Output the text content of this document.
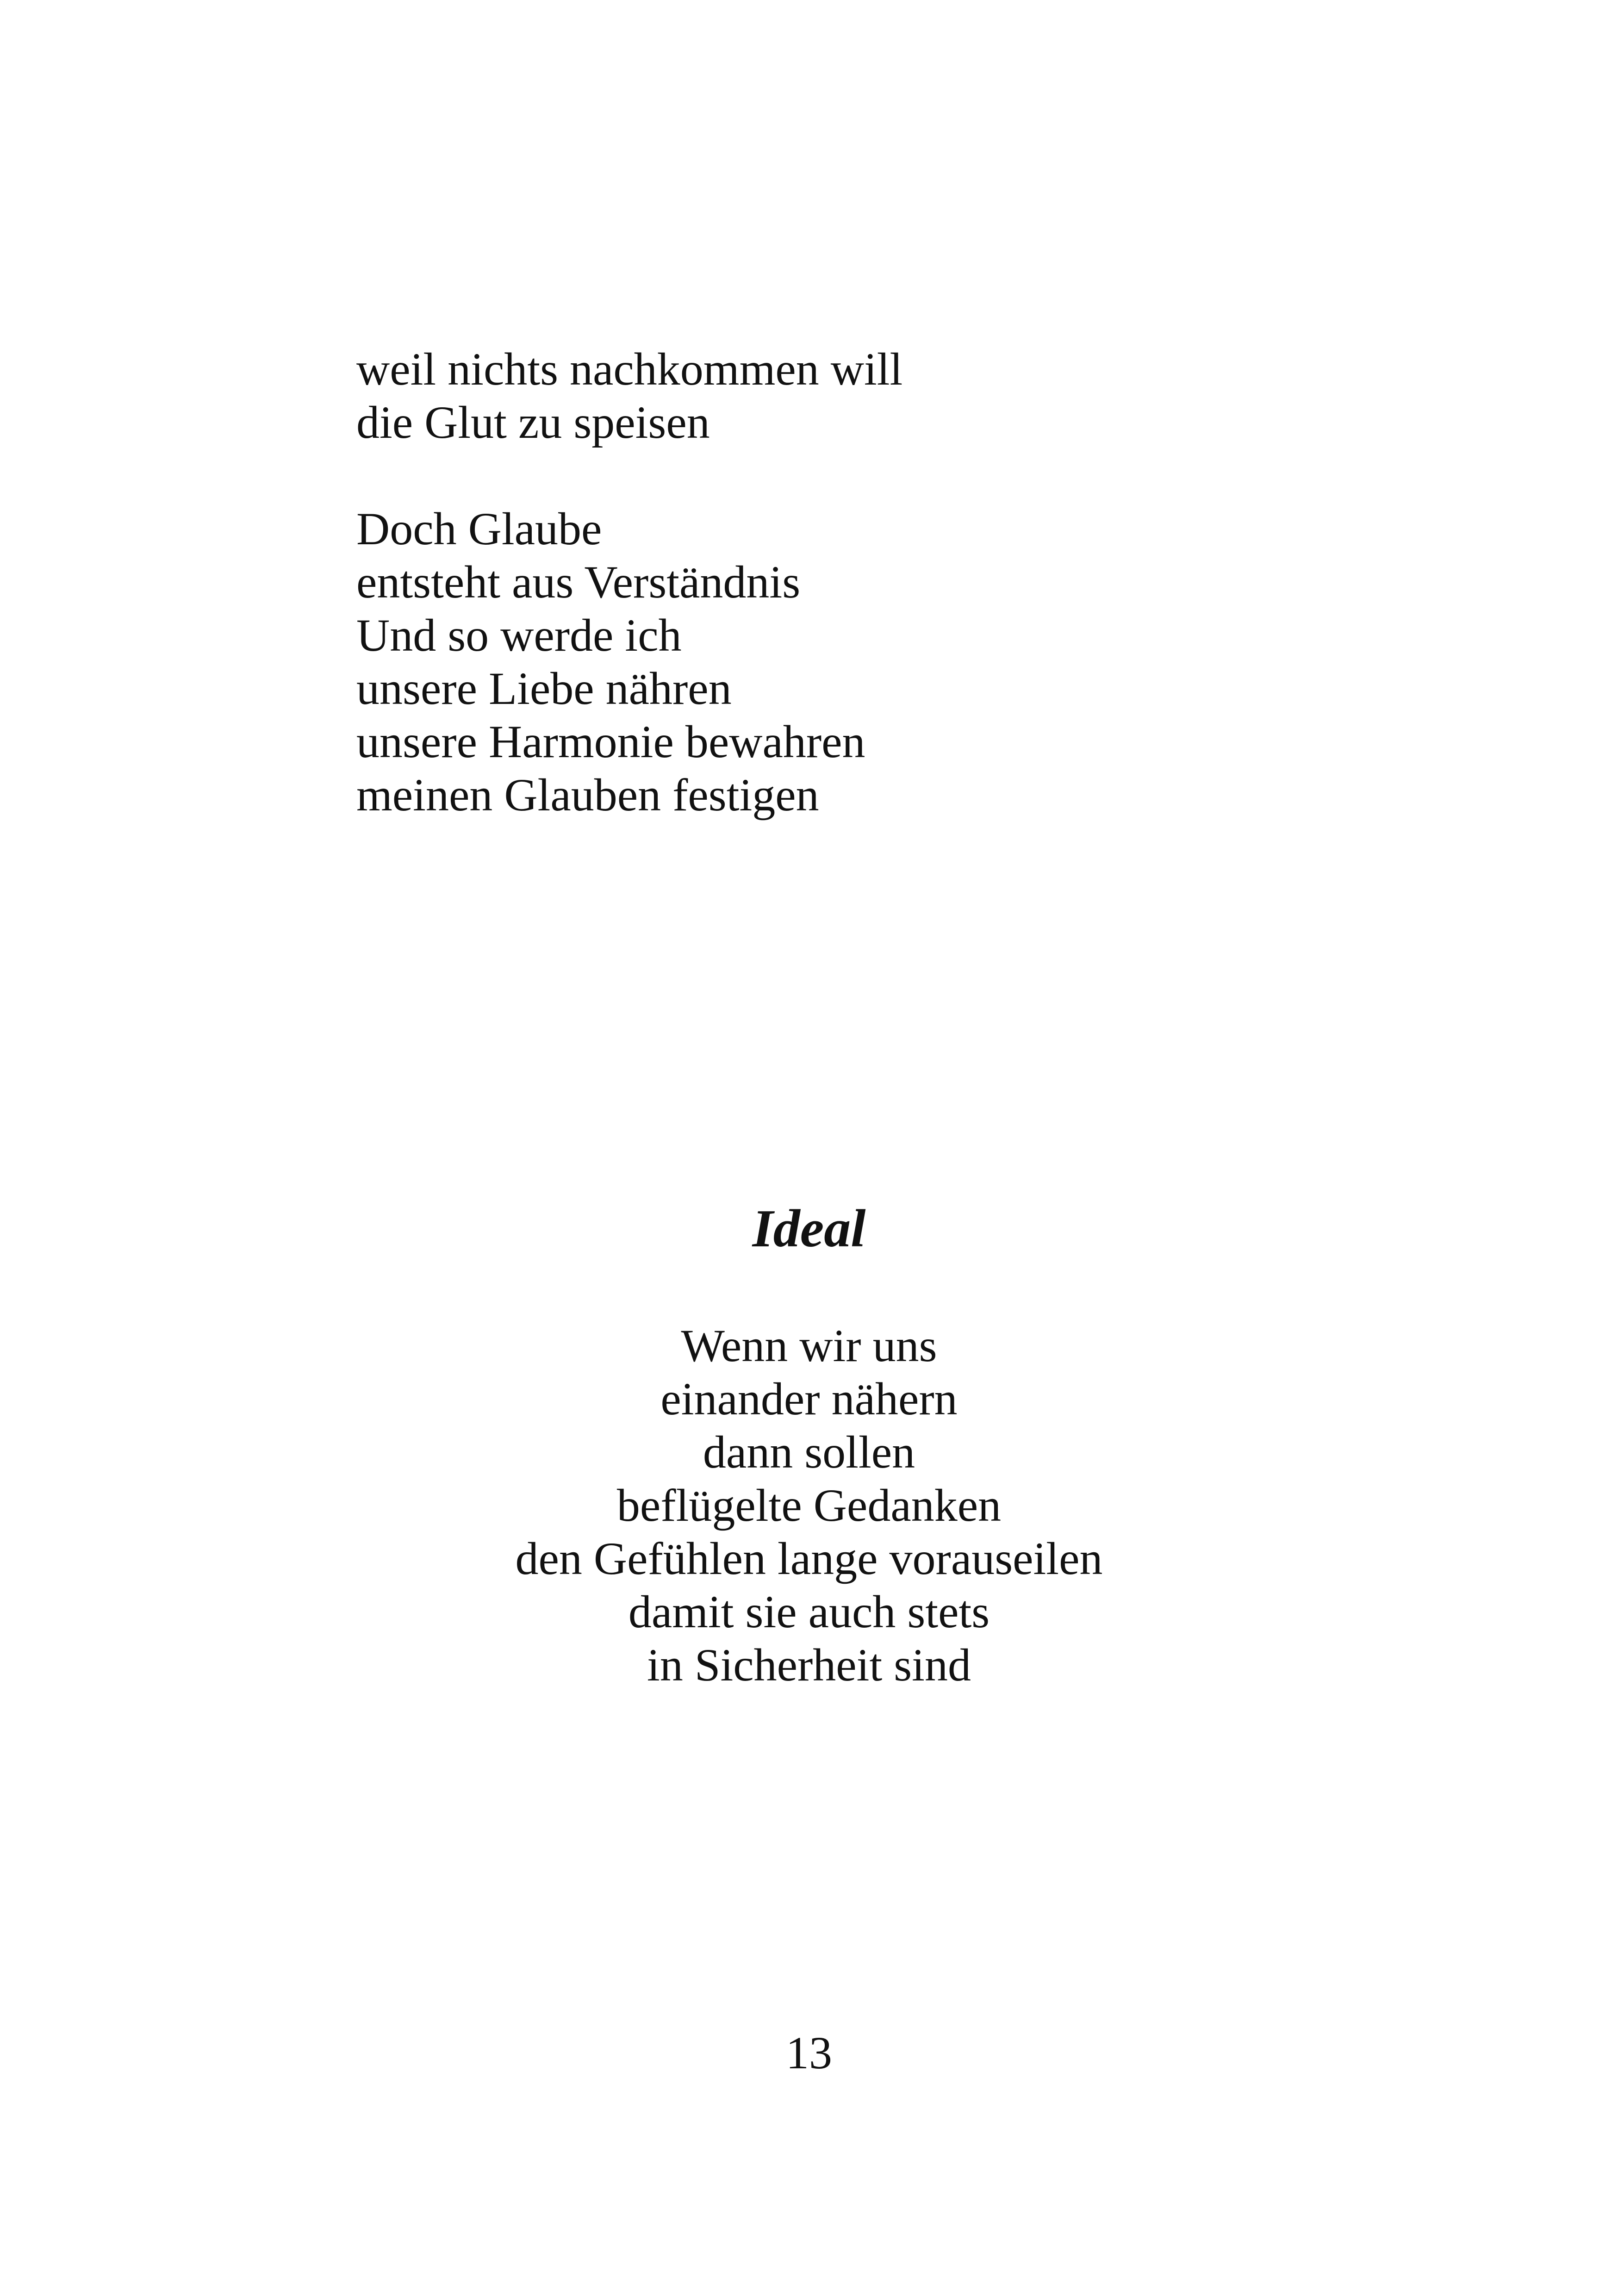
weil nichts nachkommen will
die Glut zu speisen
Doch Glaube
entsteht aus Verständnis
Und so werde ich
unsere Liebe nähren
unsere Harmonie bewahren
meinen Glauben festigen
Ideal
Wenn wir uns
einander nähern
dann sollen
beflügelte Gedanken
den Gefühlen lange vorauseilen
damit sie auch stets
in Sicherheit sind
13
